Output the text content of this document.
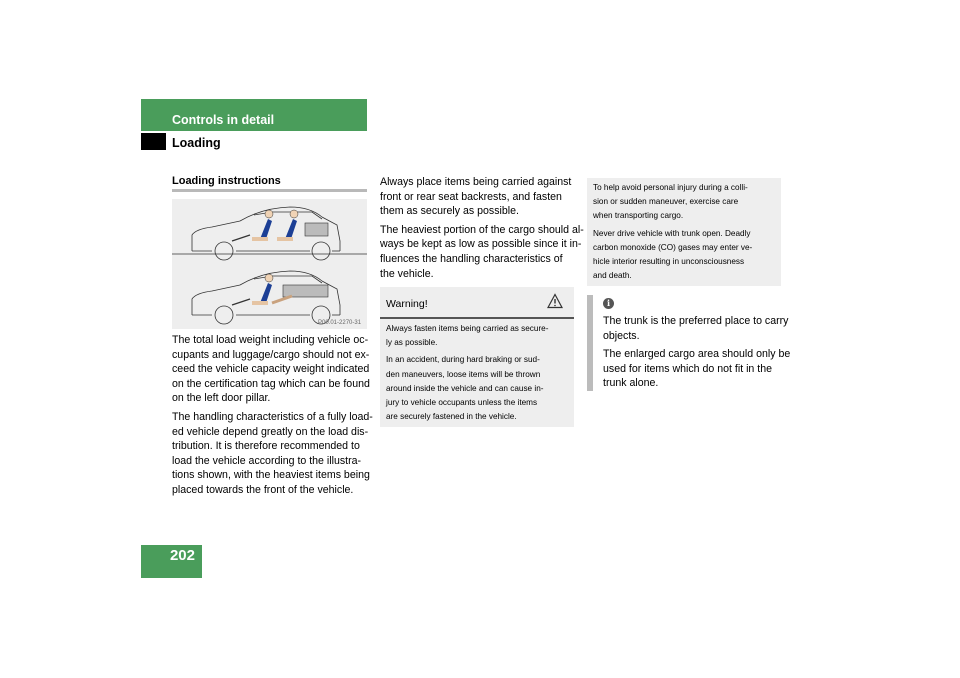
Controls in detail
Loading
202
Loading instructions
P00.01-2270-31

The total load weight including vehicle oc-
cupants and luggage/cargo should not ex-
ceed the vehicle capacity weight indicated
on the certification tag which can be found
on the left door pillar.

The handling characteristics of a fully load-
ed vehicle depend greatly on the load dis-
tribution. It is therefore recommended to
load the vehicle according to the illustra-
tions shown, with the heaviest items being
placed towards the front of the vehicle.

Always place items being carried against
front or rear seat backrests, and fasten
them as securely as possible.

The heaviest portion of the cargo should al-
ways be kept as low as possible since it in-
fluences the handling characteristics of
the vehicle.

Warning!

Always fasten items being carried as secure-
ly as possible.

In an accident, during hard braking or sud-
den maneuvers, loose items will be thrown
around inside the vehicle and can cause in-
jury to vehicle occupants unless the items
are securely fastened in the vehicle.

To help avoid personal injury during a colli-
sion or sudden maneuver, exercise care
when transporting cargo.

Never drive vehicle with trunk open. Deadly
carbon monoxide (CO) gases may enter ve-
hicle interior resulting in unconsciousness
and death.

i

The trunk is the preferred place to carry
objects.

The enlarged cargo area should only be
used for items which do not fit in the
trunk alone.
